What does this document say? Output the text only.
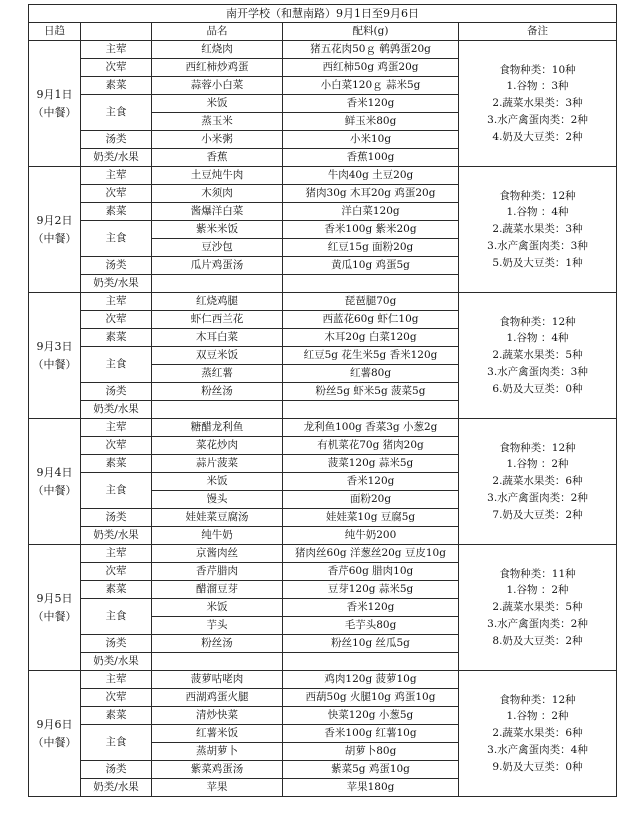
南开学校（和慧南路）9月1日至9月6日				
日趋		品名	配料(g)	备注

9月1日
（中餐）	主荤	红烧肉	猪五花肉50ｇ 鹌鹑蛋20g	食物种类：10种
1.谷物 ：3种
2.蔬菜水果类：3种
3.水产禽蛋肉类：2种
4.奶及大豆类：2种

	次荤	西红柿炒鸡蛋	西红柿50g 鸡蛋20g	
	素菜	蒜蓉小白菜	小白菜120ｇ 蒜米5g	
	主食	米饭	香米120g	
		蒸玉米	鲜玉米80g	
	汤类	小米粥	小米10g	
	奶类/水果	香蕉	香蕉100g	

9月2日
（中餐）	主荤	土豆炖牛肉	牛肉40g 土豆20g	食物种类：12种
1.谷物 ：4种
2.蔬菜水果类：3种
3.水产禽蛋肉类：3种
5.奶及大豆类：1种

	次荤	木须肉	猪肉30g 木耳20g 鸡蛋20g	
	素菜	酱爆洋白菜	洋白菜120g	
	主食	紫米米饭	香米100g 紫米20g	
		豆沙包	红豆15g 面粉20g	
	汤类	瓜片鸡蛋汤	黄瓜10g 鸡蛋5g	
	奶类/水果			

9月3日
（中餐）	主荤	红烧鸡腿	琵琶腿70g	食物种类：12种
1.谷物 ：4种
2.蔬菜水果类：5种
3.水产禽蛋肉类：3种
6.奶及大豆类：0种

	次荤	虾仁西兰花	西蓝花60g 虾仁10g	
	素菜	木耳白菜	木耳20g 白菜120g	
	主食	双豆米饭	红豆5g 花生米5g 香米120g	
		蒸红薯	红薯80g	
	汤类	粉丝汤	粉丝5g 虾米5g 菠菜5g	
	奶类/水果			

9月4日
（中餐）	主荤	糖醋龙利鱼	龙利鱼100g 香菜3g 小葱2g	食物种类：12种
1.谷物 ：2种
2.蔬菜水果类：6种
3.水产禽蛋肉类：2种
7.奶及大豆类：2种

	次荤	菜花炒肉	有机菜花70g 猪肉20g	
	素菜	蒜片菠菜	菠菜120g 蒜米5g	
	主食	米饭	香米120g	
		馒头	面粉20g	
	汤类	娃娃菜豆腐汤	娃娃菜10g 豆腐5g	
	奶类/水果	纯牛奶	纯牛奶200	

9月5日
（中餐）	主荤	京酱肉丝	猪肉丝60g 洋葱丝20g 豆皮10g	食物种类：11种
1.谷物 ：2种
2.蔬菜水果类：5种
3.水产禽蛋肉类：2种
8.奶及大豆类：2种

	次荤	香芹腊肉	香芹60g 腊肉10g	
	素菜	醋溜豆芽	豆芽120g 蒜米5g	
	主食	米饭	香米120g	
		芋头	毛芋头80g	
	汤类	粉丝汤	粉丝10g 丝瓜5g	
	奶类/水果			

9月6日
（中餐）	主荤	菠萝咕咾肉	鸡肉120g 菠萝10g	食物种类：12种
1.谷物 ：2种
2.蔬菜水果类：6种
3.水产禽蛋肉类：4种
9.奶及大豆类：0种

	次荤	西湖鸡蛋火腿	西葫50g 火腿10g 鸡蛋10g	
	素菜	清炒快菜	快菜120g 小葱5g	
	主食	红薯米饭	香米100g 红薯10g	
		蒸胡萝卜	胡萝卜80g	
	汤类	紫菜鸡蛋汤	紫菜5g 鸡蛋10g	
	奶类/水果	苹果	苹果180g	
